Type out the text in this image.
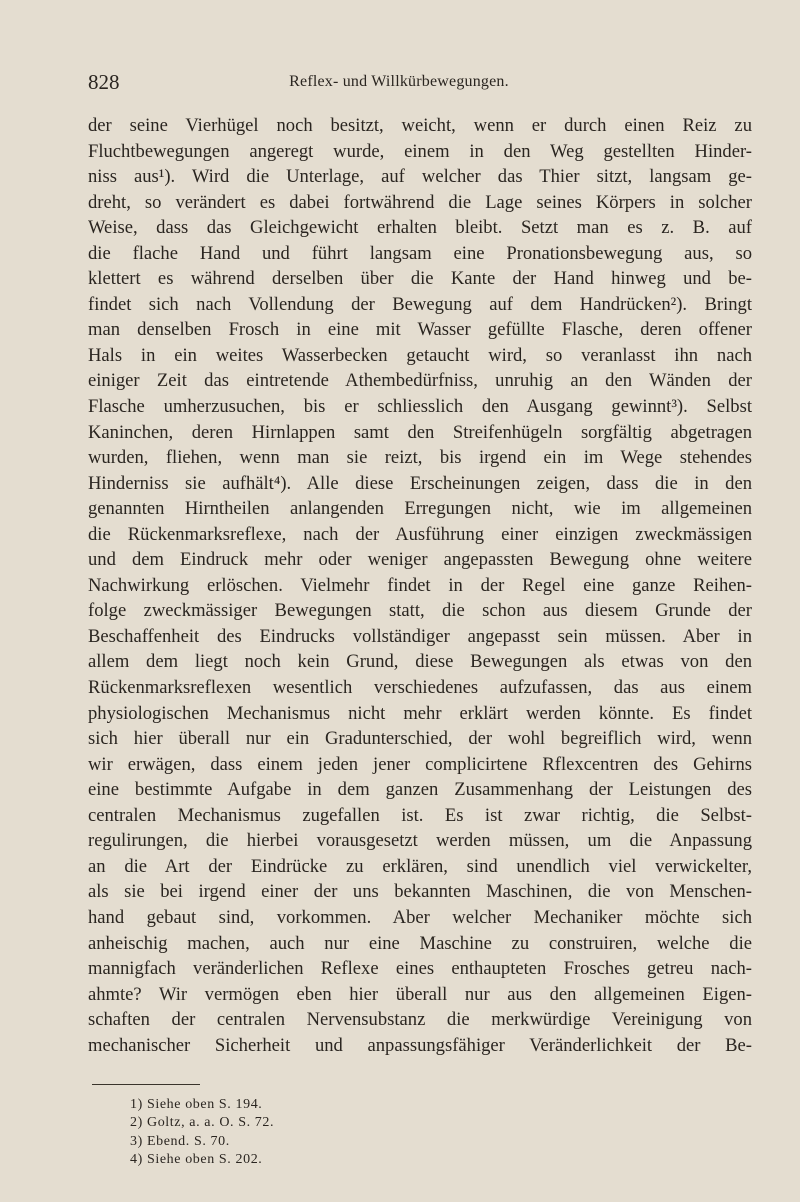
828	Reflex- und Willkürbewegungen.
der seine Vierhügel noch besitzt, weicht, wenn er durch einen Reiz zu
Fluchtbewegungen angeregt wurde, einem in den Weg gestellten Hinder-
niss aus¹). Wird die Unterlage, auf welcher das Thier sitzt, langsam ge-
dreht, so verändert es dabei fortwährend die Lage seines Körpers in solcher
Weise, dass das Gleichgewicht erhalten bleibt. Setzt man es z. B. auf
die flache Hand und führt langsam eine Pronationsbewegung aus, so
klettert es während derselben über die Kante der Hand hinweg und be-
findet sich nach Vollendung der Bewegung auf dem Handrücken²). Bringt
man denselben Frosch in eine mit Wasser gefüllte Flasche, deren offener
Hals in ein weites Wasserbecken getaucht wird, so veranlasst ihn nach
einiger Zeit das eintretende Athembedürfniss, unruhig an den Wänden der
Flasche umherzusuchen, bis er schliesslich den Ausgang gewinnt³). Selbst
Kaninchen, deren Hirnlappen samt den Streifenhügeln sorgfältig abgetragen
wurden, fliehen, wenn man sie reizt, bis irgend ein im Wege stehendes
Hinderniss sie aufhält⁴). Alle diese Erscheinungen zeigen, dass die in den
genannten Hirntheilen anlangenden Erregungen nicht, wie im allgemeinen
die Rückenmarksreflexe, nach der Ausführung einer einzigen zweckmässigen
und dem Eindruck mehr oder weniger angepassten Bewegung ohne weitere
Nachwirkung erlöschen. Vielmehr findet in der Regel eine ganze Reihen-
folge zweckmässiger Bewegungen statt, die schon aus diesem Grunde der
Beschaffenheit des Eindrucks vollständiger angepasst sein müssen. Aber in
allem dem liegt noch kein Grund, diese Bewegungen als etwas von den
Rückenmarksreflexen wesentlich verschiedenes aufzufassen, das aus einem
physiologischen Mechanismus nicht mehr erklärt werden könnte. Es findet
sich hier überall nur ein Gradunterschied, der wohl begreiflich wird, wenn
wir erwägen, dass einem jeden jener complicirtene Rflexcentren des Gehirns
eine bestimmte Aufgabe in dem ganzen Zusammenhang der Leistungen des
centralen Mechanismus zugefallen ist. Es ist zwar richtig, die Selbst-
regulirungen, die hierbei vorausgesetzt werden müssen, um die Anpassung
an die Art der Eindrücke zu erklären, sind unendlich viel verwickelter,
als sie bei irgend einer der uns bekannten Maschinen, die von Menschen-
hand gebaut sind, vorkommen. Aber welcher Mechaniker möchte sich
anheischig machen, auch nur eine Maschine zu construiren, welche die
mannigfach veränderlichen Reflexe eines enthaupteten Frosches getreu nach-
ahmte? Wir vermögen eben hier überall nur aus den allgemeinen Eigen-
schaften der centralen Nervensubstanz die merkwürdige Vereinigung von
mechanischer Sicherheit und anpassungsfähiger Veränderlichkeit der Be-
1) Siehe oben S. 194.
2) Goltz, a. a. O. S. 72.
3) Ebend. S. 70.
4) Siehe oben S. 202.
